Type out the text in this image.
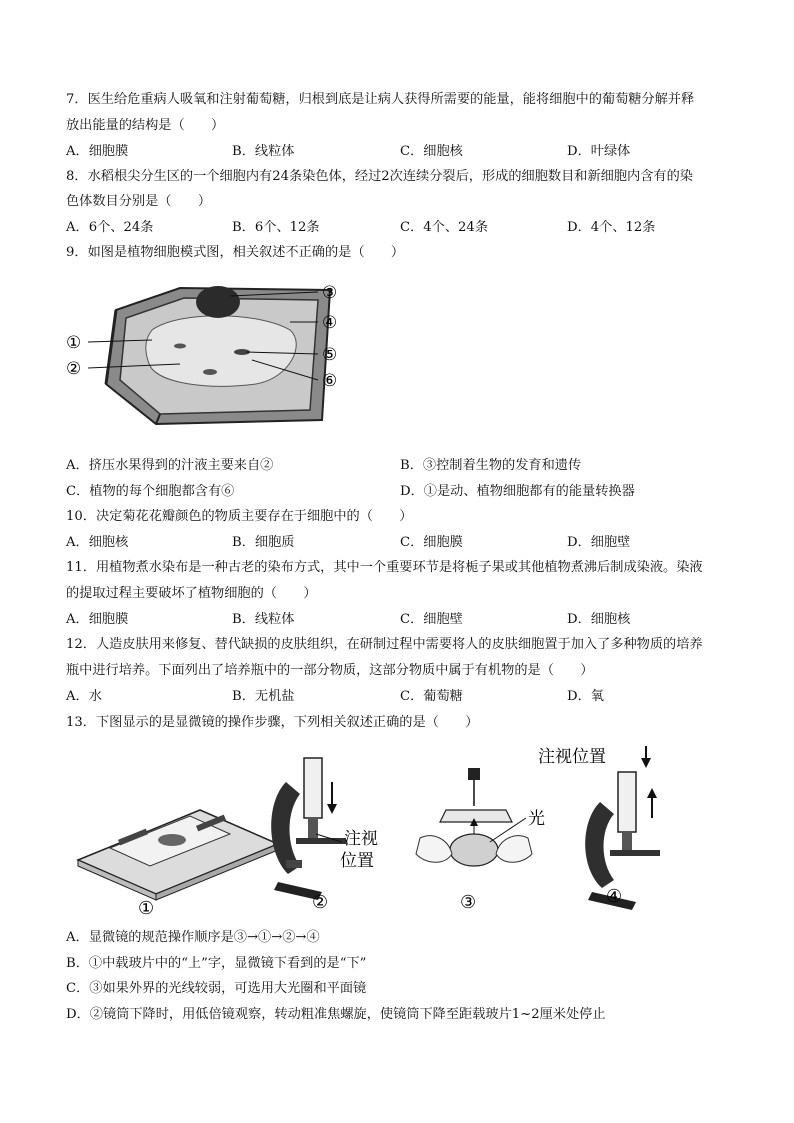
7．医生给危重病人吸氧和注射葡萄糖，归根到底是让病人获得所需要的能量，能将细胞中的葡萄糖分解并释
放出能量的结构是（　　）
A．细胞膜	B．线粒体	C．细胞核	D．叶绿体
8．水稻根尖分生区的一个细胞内有24条染色体，经过2次连续分裂后，形成的细胞数目和新细胞内含有的染
色体数目分别是（　　）
A．6个、24条	B．6个、12条	C．4个、24条	D．4个、12条
9．如图是植物细胞模式图，相关叙述不正确的是（　　）
③
④
⑤
⑥
①
②
A．挤压水果得到的汁液主要来自②	B．③控制着生物的发育和遗传
C．植物的每个细胞都含有⑥	D．①是动、植物细胞都有的能量转换器
10．决定菊花花瓣颜色的物质主要存在于细胞中的（　　）
A．细胞核	B．细胞质	C．细胞膜	D．细胞壁
11．用植物煮水染布是一种古老的染布方式，其中一个重要环节是将栀子果或其他植物煮沸后制成染液。染液
的提取过程主要破坏了植物细胞的（　　）
A．细胞膜	B．线粒体	C．细胞壁	D．细胞核
12．人造皮肤用来修复、替代缺损的皮肤组织，在研制过程中需要将人的皮肤细胞置于加入了多种物质的培养
瓶中进行培养。下面列出了培养瓶中的一部分物质，这部分物质中属于有机物的是（　　）
A．水	B．无机盐	C．葡萄糖	D．氧
13．下图显示的是显微镜的操作步骤，下列相关叙述正确的是（　　）
①
注视
位置
②
光
③
注视位置
④
A．显微镜的规范操作顺序是③→①→②→④
B．①中载玻片中的“上”字，显微镜下看到的是“下”
C．③如果外界的光线较弱，可选用大光圈和平面镜
D．②镜筒下降时，用低倍镜观察，转动粗准焦螺旋，使镜筒下降至距载玻片1~2厘米处停止
